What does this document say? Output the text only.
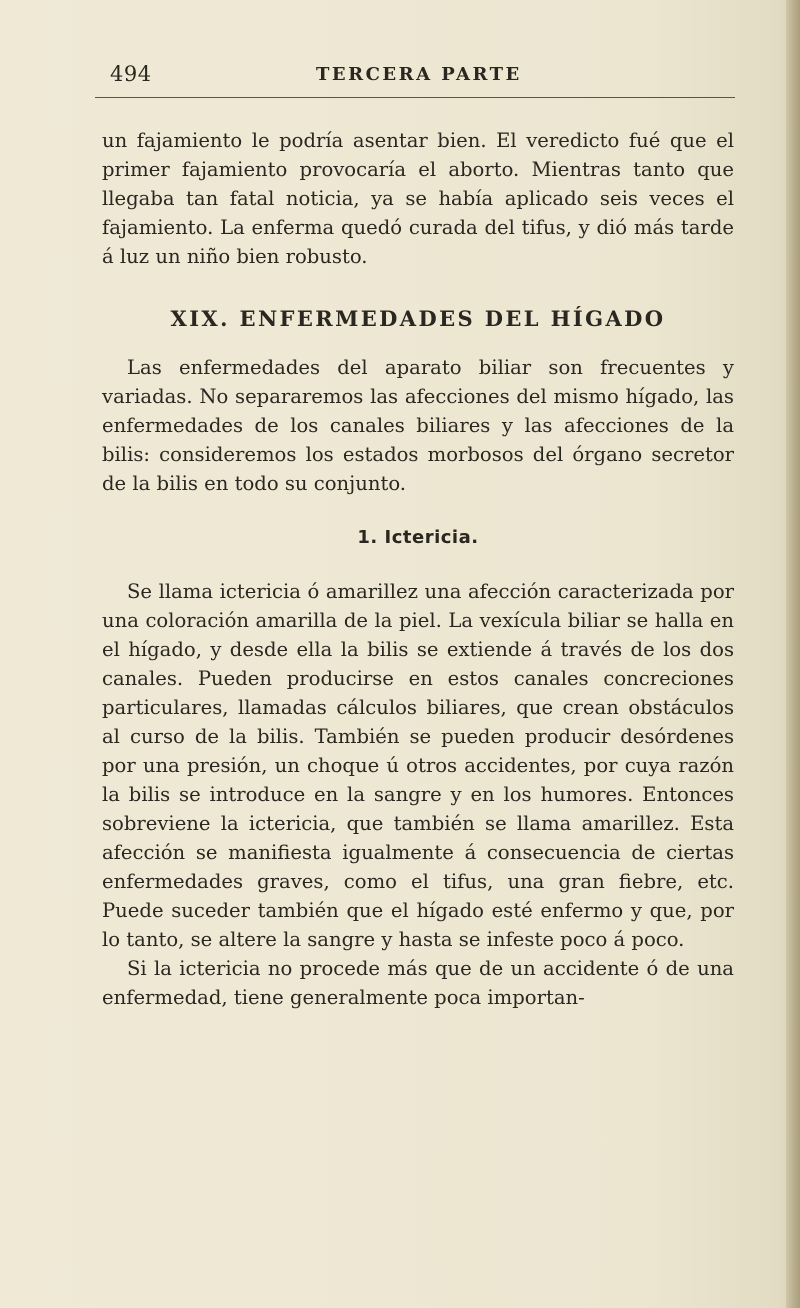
494	TERCERA PARTE

un fajamiento le podría asentar bien. El veredicto fué que el primer fajamiento provocaría el aborto. Mientras tanto que llegaba tan fatal noticia, ya se había aplicado seis veces el fajamiento. La enferma quedó curada del tifus, y dió más tarde á luz un niño bien robusto.

XIX. ENFERMEDADES DEL HÍGADO

Las enfermedades del aparato biliar son frecuentes y variadas. No separaremos las afecciones del mismo hígado, las enfermedades de los canales biliares y las afecciones de la bilis: consideremos los estados morbosos del órgano secretor de la bilis en todo su conjunto.

1. Ictericia.

Se llama ictericia ó amarillez una afección caracterizada por una coloración amarilla de la piel. La vexícula biliar se halla en el hígado, y desde ella la bilis se extiende á través de los dos canales. Pueden producirse en estos canales concreciones particulares, llamadas cálculos biliares, que crean obstáculos al curso de la bilis. También se pueden producir desórdenes por una presión, un choque ú otros accidentes, por cuya razón la bilis se introduce en la sangre y en los humores. Entonces sobreviene la ictericia, que también se llama amarillez. Esta afección se manifiesta igualmente á consecuencia de ciertas enfermedades graves, como el tifus, una gran fiebre, etc. Puede suceder también que el hígado esté enfermo y que, por lo tanto, se altere la sangre y hasta se infeste poco á poco.

Si la ictericia no procede más que de un accidente ó de una enfermedad, tiene generalmente poca importan-
